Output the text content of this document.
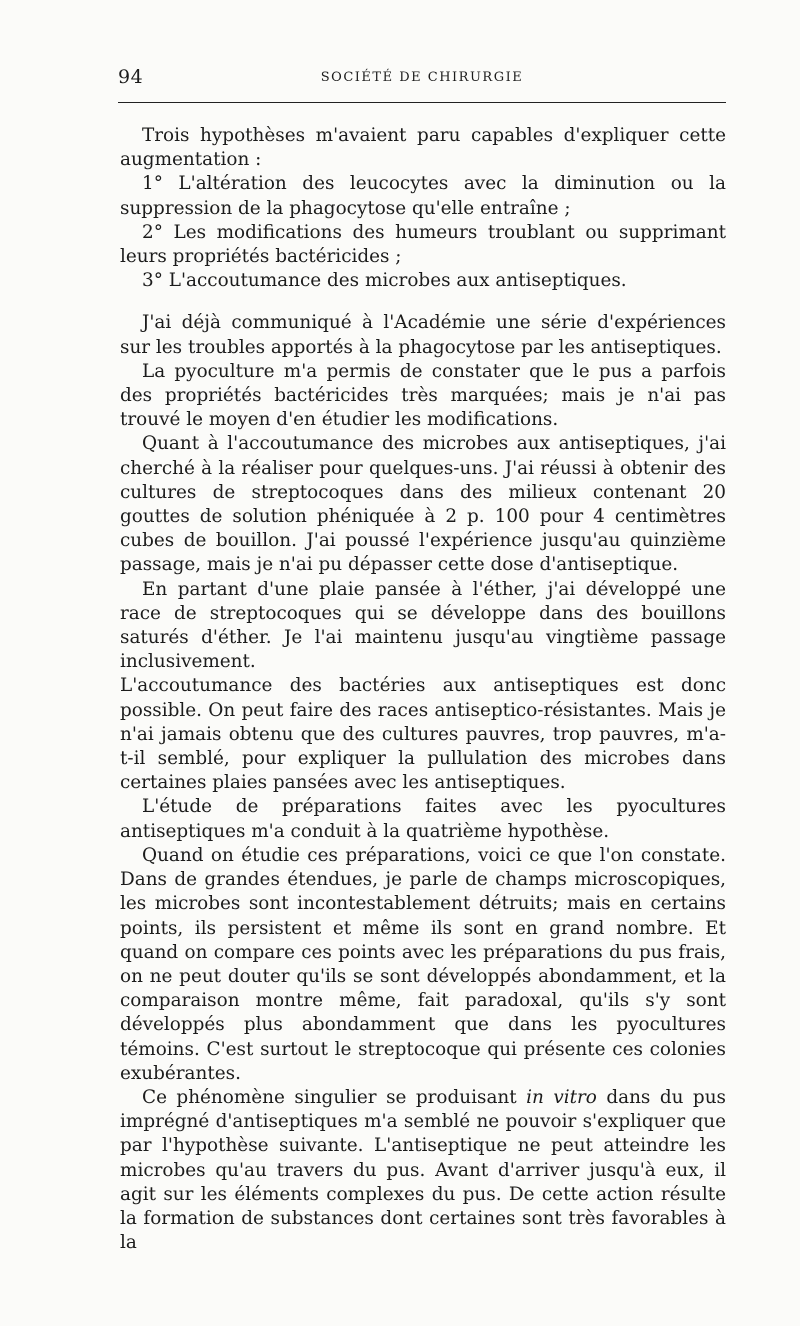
94	SOCIÉTÉ DE CHIRURGIE

Trois hypothèses m'avaient paru capables d'expliquer cette augmentation :

1° L'altération des leucocytes avec la diminution ou la suppression de la phagocytose qu'elle entraîne ;

2° Les modifications des humeurs troublant ou supprimant leurs propriétés bactéricides ;

3° L'accoutumance des microbes aux antiseptiques.

J'ai déjà communiqué à l'Académie une série d'expériences sur les troubles apportés à la phagocytose par les antiseptiques.

La pyoculture m'a permis de constater que le pus a parfois des propriétés bactéricides très marquées; mais je n'ai pas trouvé le moyen d'en étudier les modifications.

Quant à l'accoutumance des microbes aux antiseptiques, j'ai cherché à la réaliser pour quelques-uns. J'ai réussi à obtenir des cultures de streptocoques dans des milieux contenant 20 gouttes de solution phéniquée à 2 p. 100 pour 4 centimètres cubes de bouillon. J'ai poussé l'expérience jusqu'au quinzième passage, mais je n'ai pu dépasser cette dose d'antiseptique.

En partant d'une plaie pansée à l'éther, j'ai développé une race de streptocoques qui se développe dans des bouillons saturés d'éther. Je l'ai maintenu jusqu'au vingtième passage inclusivement.

L'accoutumance des bactéries aux antiseptiques est donc possible. On peut faire des races antiseptico-résistantes. Mais je n'ai jamais obtenu que des cultures pauvres, trop pauvres, m'a-t-il semblé, pour expliquer la pullulation des microbes dans certaines plaies pansées avec les antiseptiques.

L'étude de préparations faites avec les pyocultures antiseptiques m'a conduit à la quatrième hypothèse.

Quand on étudie ces préparations, voici ce que l'on constate. Dans de grandes étendues, je parle de champs microscopiques, les microbes sont incontestablement détruits; mais en certains points, ils persistent et même ils sont en grand nombre. Et quand on compare ces points avec les préparations du pus frais, on ne peut douter qu'ils se sont développés abondamment, et la comparaison montre même, fait paradoxal, qu'ils s'y sont développés plus abondamment que dans les pyocultures témoins. C'est surtout le streptocoque qui présente ces colonies exubérantes.

Ce phénomène singulier se produisant in vitro dans du pus imprégné d'antiseptiques m'a semblé ne pouvoir s'expliquer que par l'hypothèse suivante. L'antiseptique ne peut atteindre les microbes qu'au travers du pus. Avant d'arriver jusqu'à eux, il agit sur les éléments complexes du pus. De cette action résulte la formation de substances dont certaines sont très favorables à la
